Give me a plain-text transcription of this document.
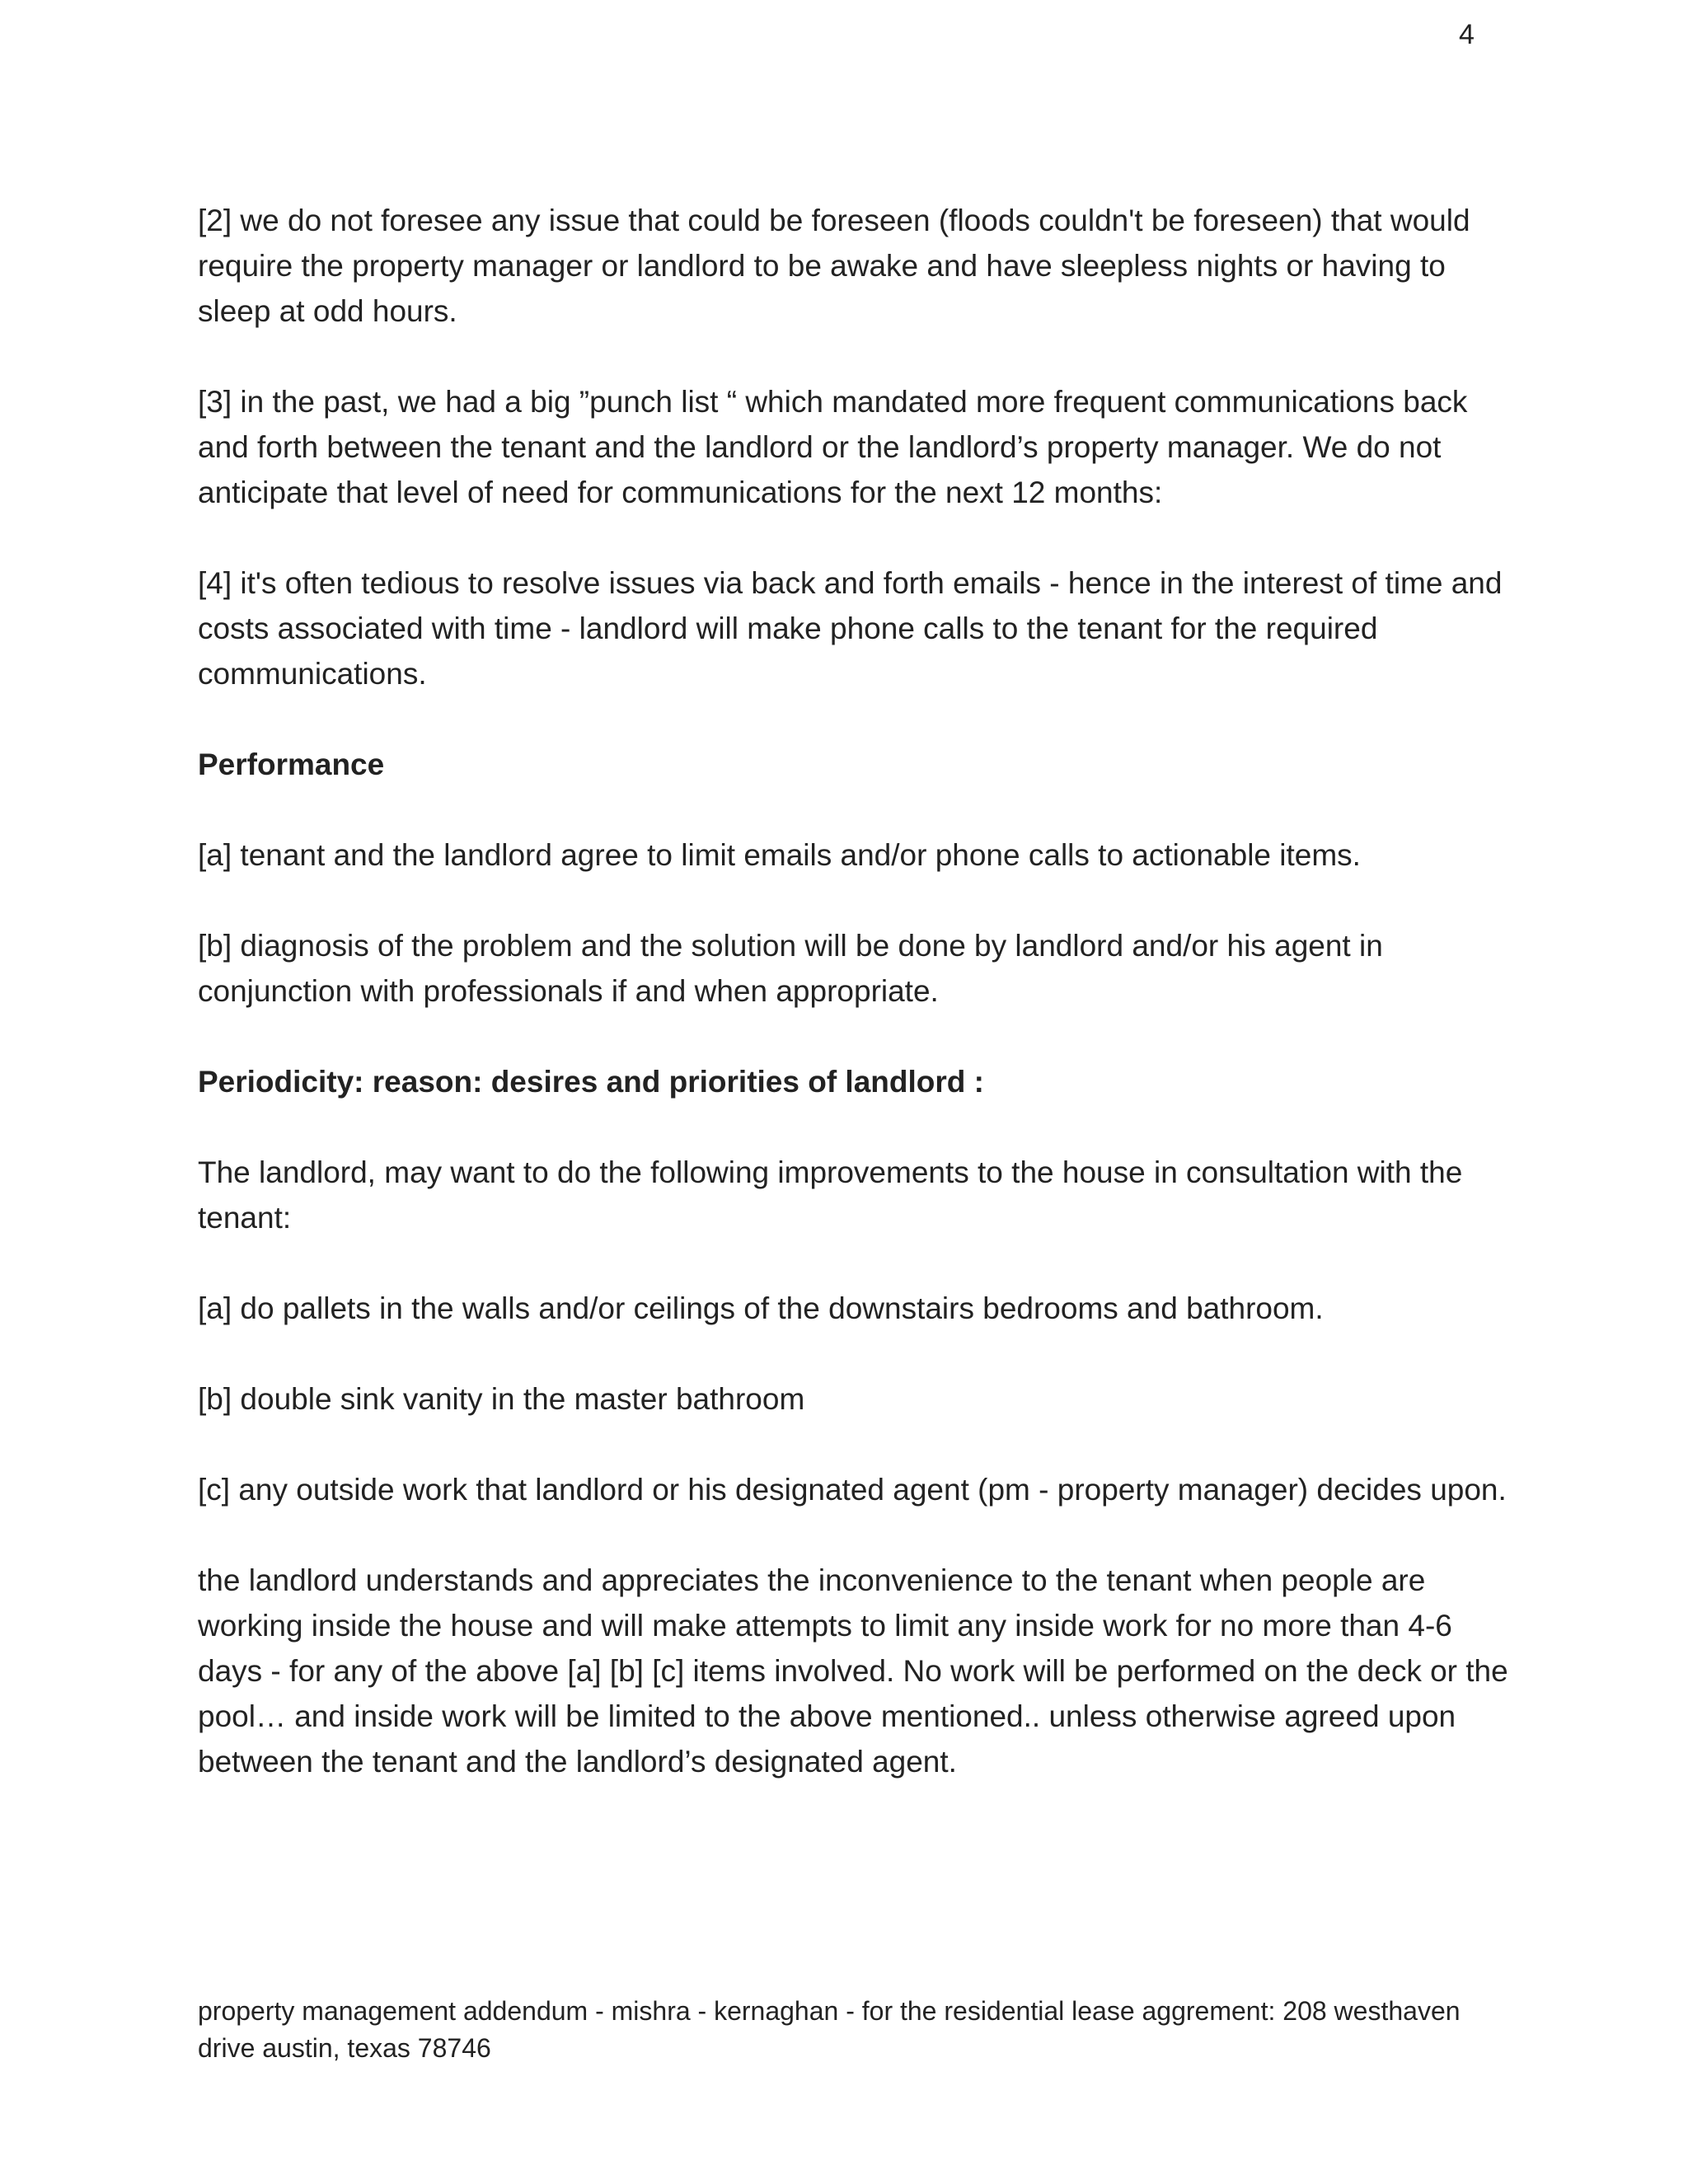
4

[2] we do not foresee any issue that could be foreseen (floods couldn't be foreseen) that would require the property manager or landlord to be awake and have sleepless nights or having to sleep at odd hours.

[3] in the past, we had a big ”punch list “ which mandated more frequent communications back and forth between the tenant and the landlord or the landlord’s property manager. We do not anticipate that level of need for communications for the next 12 months:

[4] it's often tedious to resolve issues via back and forth emails - hence in the interest of time and costs associated with time - landlord will make phone calls to the tenant for the required communications.

Performance

[a] tenant and the landlord agree to limit emails and/or phone calls to actionable items.

[b] diagnosis of the problem and the solution will be done by landlord and/or his agent in conjunction with professionals if and when appropriate.

Periodicity: reason: desires and priorities of landlord :

The landlord, may want to do the following improvements to the house in consultation with the tenant:

[a] do pallets in the walls and/or ceilings of the downstairs bedrooms and bathroom.

[b] double sink vanity in the master bathroom

[c] any outside work that landlord or his designated agent (pm - property manager) decides upon.

the landlord understands and appreciates the inconvenience to the tenant when people are working inside the house and will make attempts to limit any inside work for no more than 4-6 days - for any of the above [a] [b] [c] items involved. No work will be performed on the deck or the pool… and inside work will be limited to the above mentioned.. unless otherwise agreed upon between the tenant and the landlord’s designated agent.

property management addendum - mishra - kernaghan - for the residential lease aggrement: 208 westhaven drive austin, texas 78746
